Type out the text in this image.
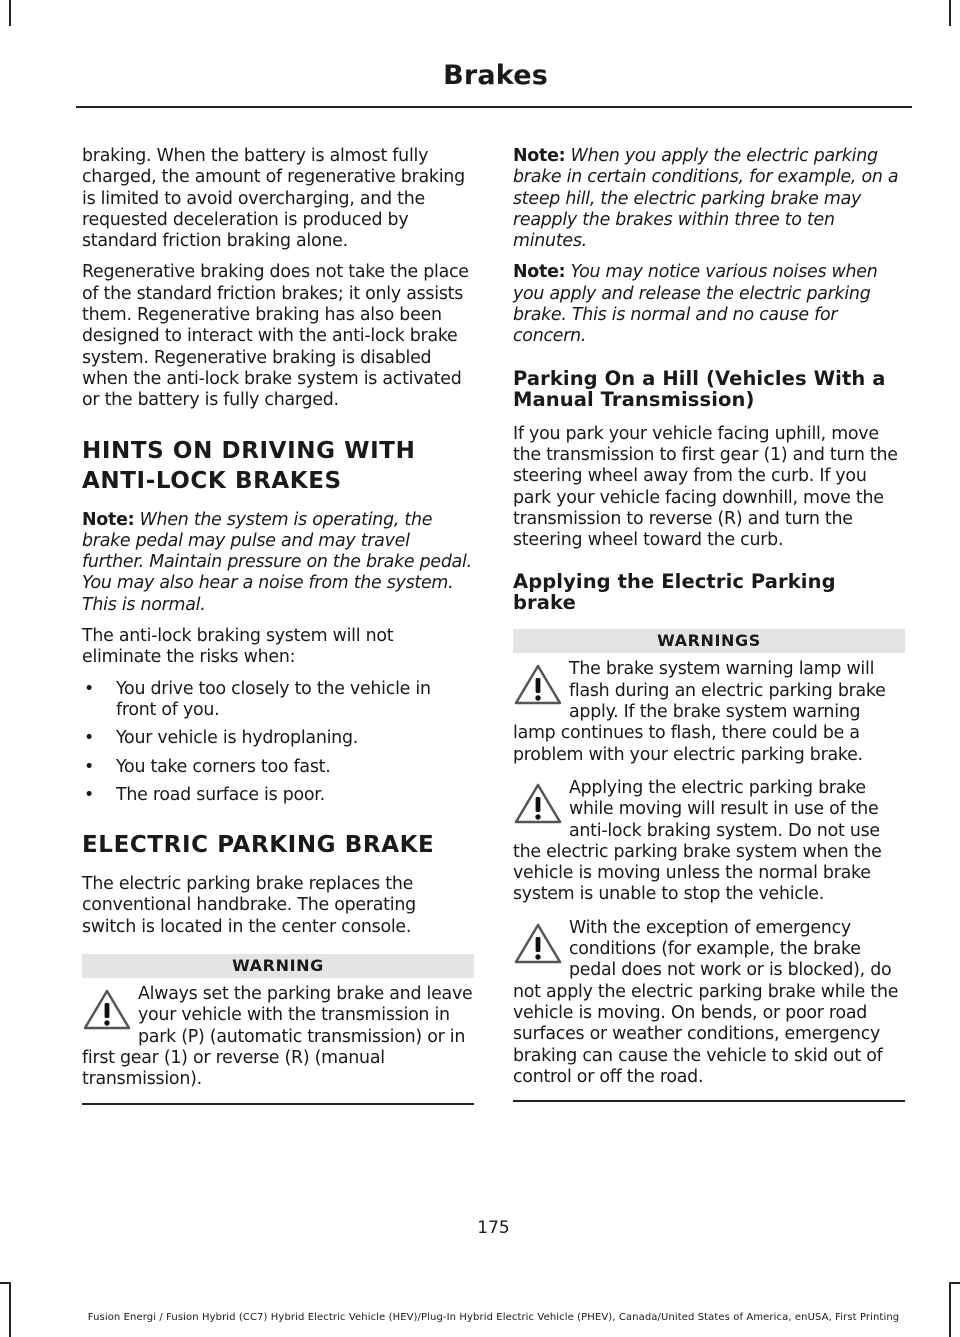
Brakes

braking. When the battery is almost fully charged, the amount of regenerative braking is limited to avoid overcharging, and the requested deceleration is produced by standard friction braking alone.

Regenerative braking does not take the place of the standard friction brakes; it only assists them. Regenerative braking has also been designed to interact with the anti-lock brake system. Regenerative braking is disabled when the anti-lock brake system is activated or the battery is fully charged.

HINTS ON DRIVING WITH ANTI-LOCK BRAKES

Note: When the system is operating, the brake pedal may pulse and may travel further. Maintain pressure on the brake pedal. You may also hear a noise from the system. This is normal.

The anti-lock braking system will not eliminate the risks when:

• You drive too closely to the vehicle in front of you.
• Your vehicle is hydroplaning.
• You take corners too fast.
• The road surface is poor.
ELECTRIC PARKING BRAKE

The electric parking brake replaces the conventional handbrake. The operating switch is located in the center console.

WARNING

Always set the parking brake and leave your vehicle with the transmission in park (P) (automatic transmission) or in first gear (1) or reverse (R) (manual transmission).

Note: When you apply the electric parking brake in certain conditions, for example, on a steep hill, the electric parking brake may reapply the brakes within three to ten minutes.

Note: You may notice various noises when you apply and release the electric parking brake. This is normal and no cause for concern.

Parking On a Hill (Vehicles With a Manual Transmission)

If you park your vehicle facing uphill, move the transmission to first gear (1) and turn the steering wheel away from the curb. If you park your vehicle facing downhill, move the transmission to reverse (R) and turn the steering wheel toward the curb.

Applying the Electric Parking brake
WARNINGS

The brake system warning lamp will flash during an electric parking brake apply. If the brake system warning lamp continues to flash, there could be a problem with your electric parking brake.

Applying the electric parking brake while moving will result in use of the anti-lock braking system. Do not use the electric parking brake system when the vehicle is moving unless the normal brake system is unable to stop the vehicle.

With the exception of emergency conditions (for example, the brake pedal does not work or is blocked), do not apply the electric parking brake while the vehicle is moving. On bends, or poor road surfaces or weather conditions, emergency braking can cause the vehicle to skid out of control or off the road.

175
Fusion Energi / Fusion Hybrid (CC7) Hybrid Electric Vehicle (HEV)/Plug-In Hybrid Electric Vehicle (PHEV), Canada/United States of America, enUSA, First Printing
